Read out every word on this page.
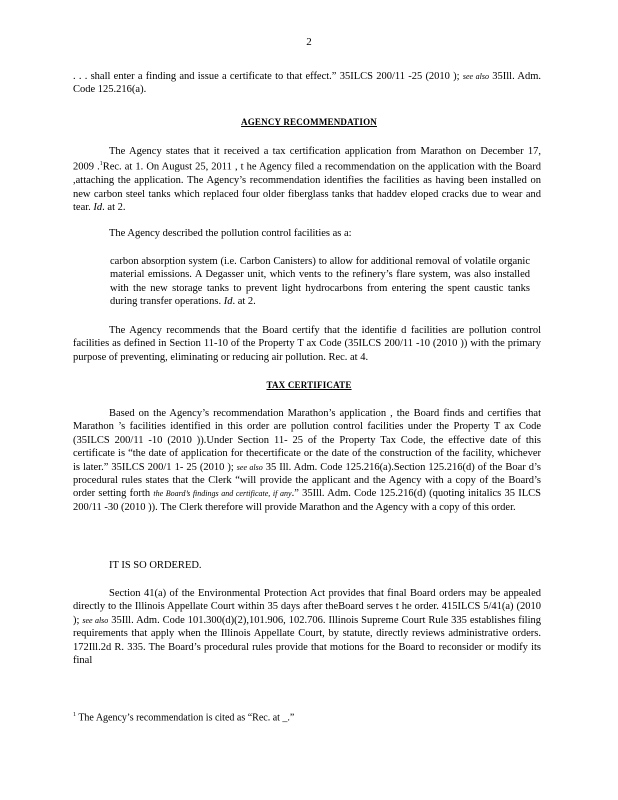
2

. . . shall enter a finding and issue a certificate to that effect.” 35ILCS 200/11 -25 (2010 ); see also 35Ill. Adm. Code 125.216(a).

AGENCY RECOMMENDATION

The Agency states that it received a tax certification application from Marathon on December 17, 2009 .$^1$Rec. at 1. On August 25, 2011 , t he Agency filed a recommendation on the application with the Board ,attaching the application. The Agency’s recommendation identifies the facilities as having been installed on new carbon steel tanks which replaced four older fiberglass tanks that haddev eloped cracks due to wear and tear. Id. at 2.

The Agency described the pollution control facilities as a:

carbon absorption system (i.e. Carbon Canisters) to allow for additional removal of volatile organic material emissions. A Degasser unit, which vents to the refinery’s flare system, was also installed with the new storage tanks to prevent light hydrocarbons from entering the spent caustic tanks during transfer operations. Id. at 2.

The Agency recommends that the Board certify that the identifie d facilities are pollution control facilities as defined in Section 11-10 of the Property T ax Code (35ILCS 200/11 -10 (2010 )) with the primary purpose of preventing, eliminating or reducing air pollution. Rec. at 4.

TAX CERTIFICATE

Based on the Agency’s recommendation Marathon’s application , the Board finds and certifies that Marathon ’s facilities identified in this order are pollution control facilities under the Property T ax Code (35ILCS 200/11 -10 (2010 )).Under Section 11- 25 of the Property Tax Code, the effective date of this certificate is “the date of application for thecertificate or the date of the construction of the facility, whichever is later.” 35ILCS 200/1 1- 25 (2010 ); see also 35 Ill. Adm. Code 125.216(a).Section 125.216(d) of the Boar d’s procedural rules states that the Clerk “will provide the applicant and the Agency with a copy of the Board’s order setting forth the Board’s findings and certificate, if any.” 35Ill. Adm. Code 125.216(d) (quoting initalics 35 ILCS 200/11 -30 (2010 )). The Clerk therefore will provide Marathon and the Agency with a copy of this order.

IT IS SO ORDERED.

Section 41(a) of the Environmental Protection Act provides that final Board orders may be appealed directly to the Illinois Appellate Court within 35 days after theBoard serves t he order. 415ILCS 5/41(a) (2010 ); see also 35Ill. Adm. Code 101.300(d)(2),101.906, 102.706. Illinois Supreme Court Rule 335 establishes filing requirements that apply when the Illinois Appellate Court, by statute, directly reviews administrative orders. 172Ill.2d R. 335. The Board’s procedural rules provide that motions for the Board to reconsider or modify its final

$^1$ The Agency’s recommendation is cited as “Rec. at _.”
